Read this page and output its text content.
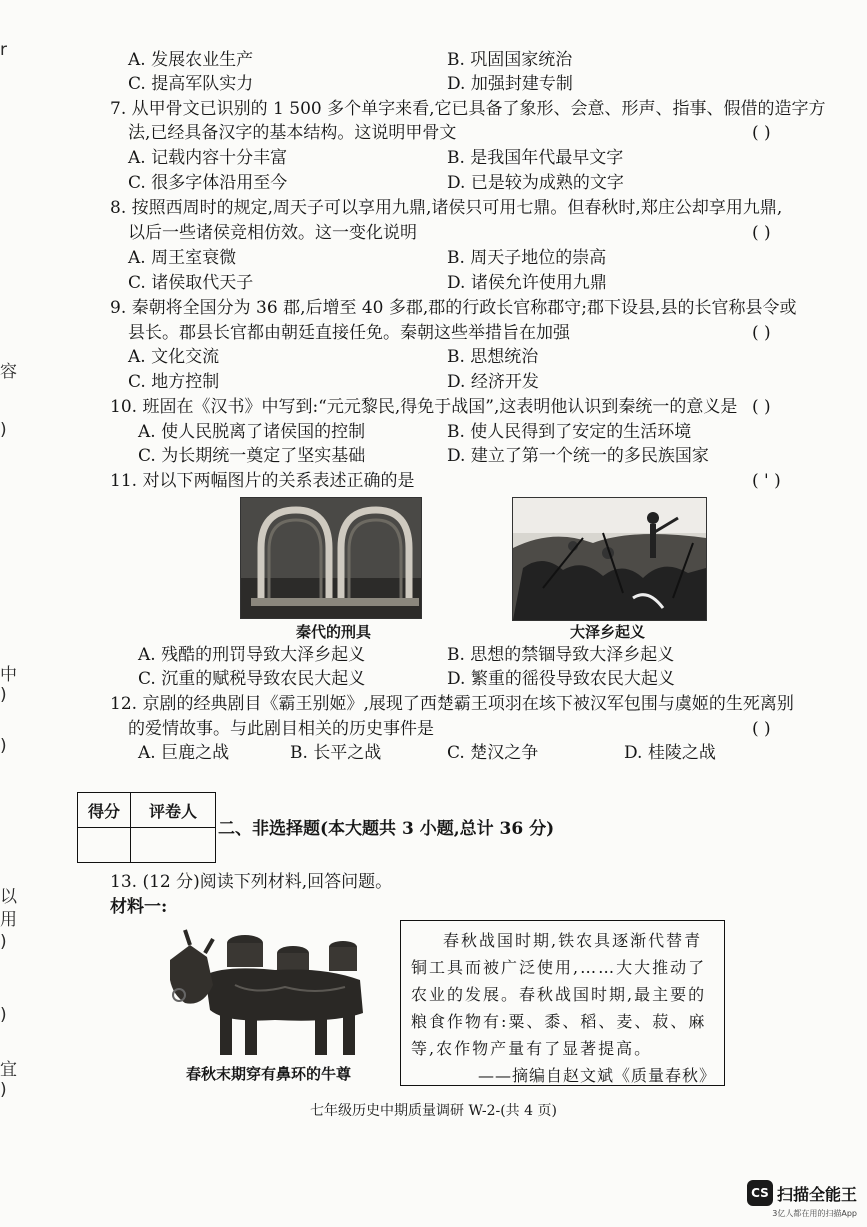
r
容
)
中
)
)
以
用
)
)
宜
)
A. 发展农业生产	B. 巩固国家统治
C. 提高军队实力	D. 加强封建专制
7. 从甲骨文已识别的 1 500 多个单字来看,它已具备了象形、会意、形声、指事、假借的造字方
法,已经具备汉字的基本结构。这说明甲骨文	( )
A. 记载内容十分丰富	B. 是我国年代最早文字
C. 很多字体沿用至今	D. 已是较为成熟的文字
8. 按照西周时的规定,周天子可以享用九鼎,诸侯只可用七鼎。但春秋时,郑庄公却享用九鼎,
以后一些诸侯竞相仿效。这一变化说明	( )
A. 周王室衰微	B. 周天子地位的崇高
C. 诸侯取代天子	D. 诸侯允许使用九鼎
9. 秦朝将全国分为 36 郡,后增至 40 多郡,郡的行政长官称郡守;郡下设县,县的长官称县令或
县长。郡县长官都由朝廷直接任免。秦朝这些举措旨在加强	( )
A. 文化交流	B. 思想统治
C. 地方控制	D. 经济开发
10. 班固在《汉书》中写到:“元元黎民,得免于战国”,这表明他认识到秦统一的意义是 ( )
A. 使人民脱离了诸侯国的控制	B. 使人民得到了安定的生活环境
C. 为长期统一奠定了坚实基础	D. 建立了第一个统一的多民族国家
11. 对以下两幅图片的关系表述正确的是	( ' )
秦代的刑具	大泽乡起义
A. 残酷的刑罚导致大泽乡起义	B. 思想的禁锢导致大泽乡起义
C. 沉重的赋税导致农民大起义	D. 繁重的徭役导致农民大起义
12. 京剧的经典剧目《霸王别姬》,展现了西楚霸王项羽在垓下被汉军包围与虞姬的生死离别
的爱情故事。与此剧目相关的历史事件是	( )
A. 巨鹿之战	B. 长平之战	C. 楚汉之争	D. 桂陵之战
得分	评卷人

二、非选择题(本大题共 3 小题,总计 36 分)
13. (12 分)阅读下列材料,回答问题。
材料一:
春秋末期穿有鼻环的牛尊
春秋战国时期,铁农具逐渐代替青铜工具而被广泛使用,……大大推动了农业的发展。春秋战国时期,最主要的粮食作物有:粟、黍、稻、麦、菽、麻等,农作物产量有了显著提高。
——摘编自赵文斌《质量春秋》
七年级历史中期质量调研 W-2-(共 4 页)
CS 扫描全能王
3亿人都在用的扫描App
